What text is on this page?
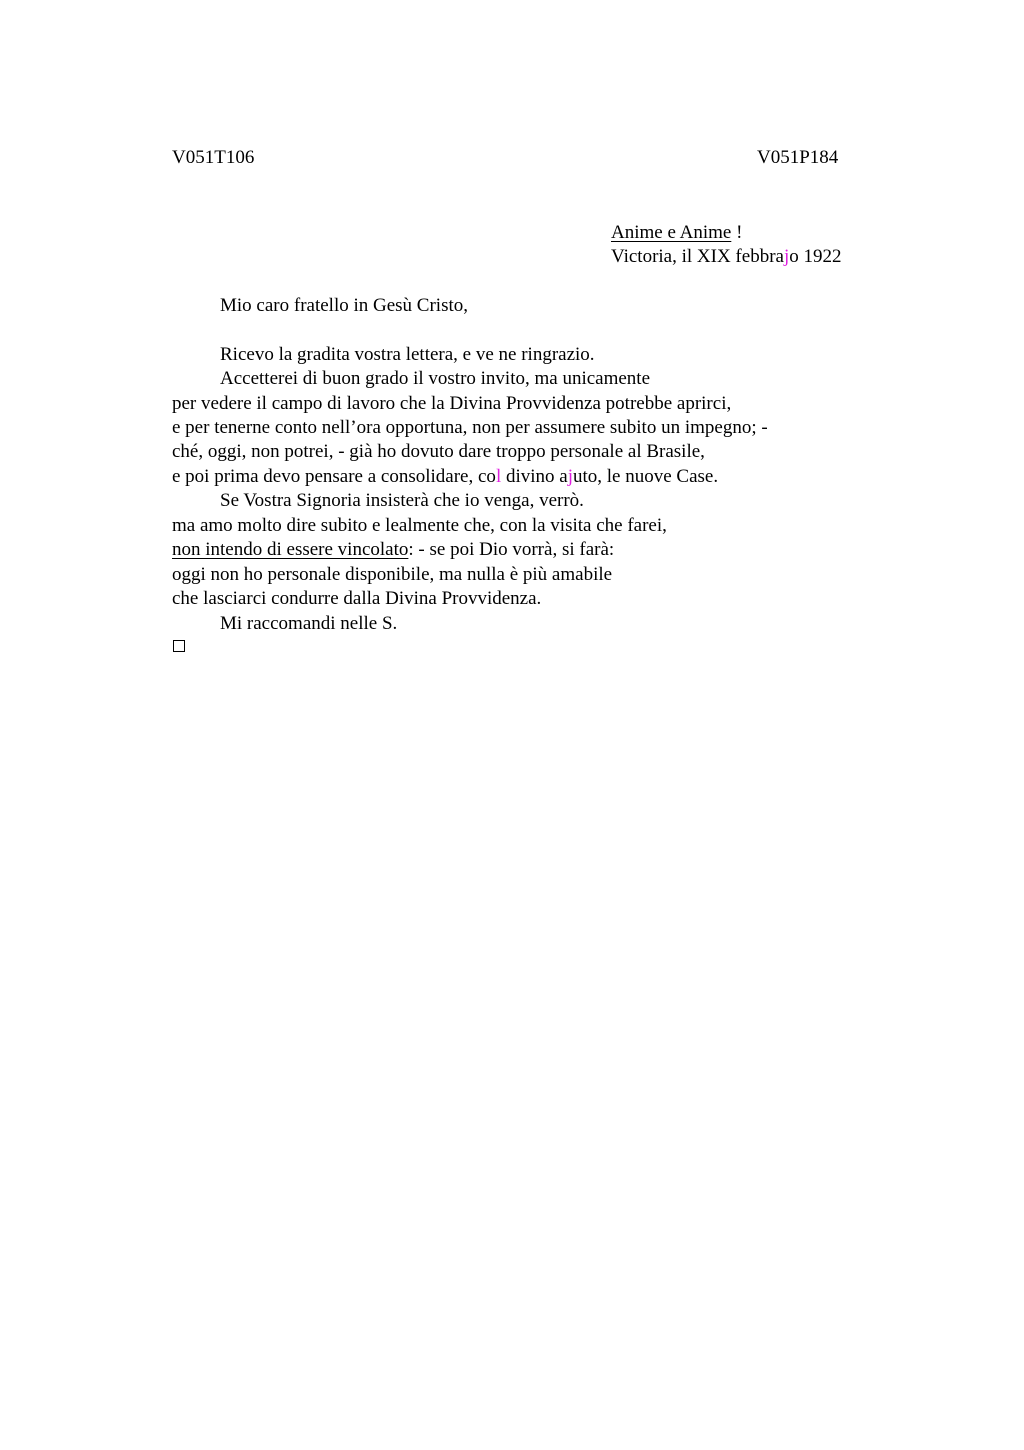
V051T106	V051P184
Anime e Anime !
Victoria, il XIX febbrajo 1922
Mio caro fratello in Gesù Cristo,
Ricevo la gradita vostra lettera, e ve ne ringrazio.
Accetterei di buon grado il vostro invito, ma unicamente
per vedere il campo di lavoro che la Divina Provvidenza potrebbe aprirci,
e per tenerne conto nell’ora opportuna, non per assumere subito un impegno; -
ché, oggi, non potrei, - già ho dovuto dare troppo personale al Brasile,
e poi prima devo pensare a consolidare, col divino ajuto, le nuove Case.
Se Vostra Signoria insisterà che io venga, verrò.
ma amo molto dire subito e lealmente che, con la visita che farei,
non intendo di essere vincolato: - se poi Dio vorrà, si farà:
oggi non ho personale disponibile, ma nulla è più amabile
che lasciarci condurre dalla Divina Provvidenza.
Mi raccomandi nelle S.
